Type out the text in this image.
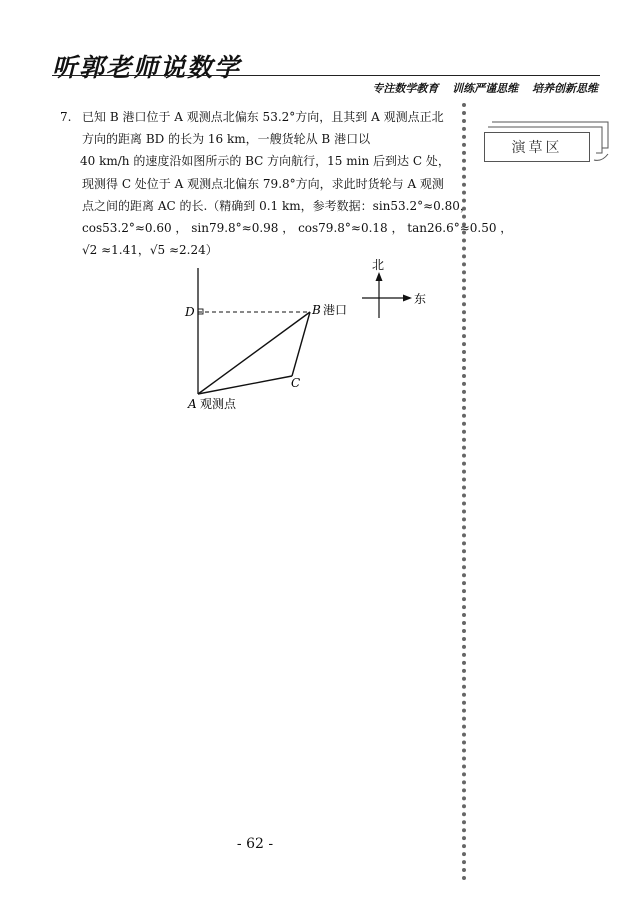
听郭老师说数学
专注数学教育 训练严谨思维 培养创新思维
7. 已知 B 港口位于 A 观测点北偏东 53.2°方向，且其到 A 观测点正北
方向的距离 BD 的长为 16 km，一艘货轮从 B 港口以
40 km/h 的速度沿如图所示的 BC 方向航行，15 min 后到达 C 处，
现测得 C 处位于 A 观测点北偏东 79.8°方向，求此时货轮与 A 观测
点之间的距离 AC 的长.（精确到 0.1 km，参考数据：sin53.2°≈0.80，
cos53.2°≈0.60 ， sin79.8°≈0.98 ， cos79.8°≈0.18 ， tan26.6°≈0.50 ，
√2 ≈1.41，√5 ≈2.24）
D	B 港口
C
A 观测点
北
东
演草区
- 62 -
